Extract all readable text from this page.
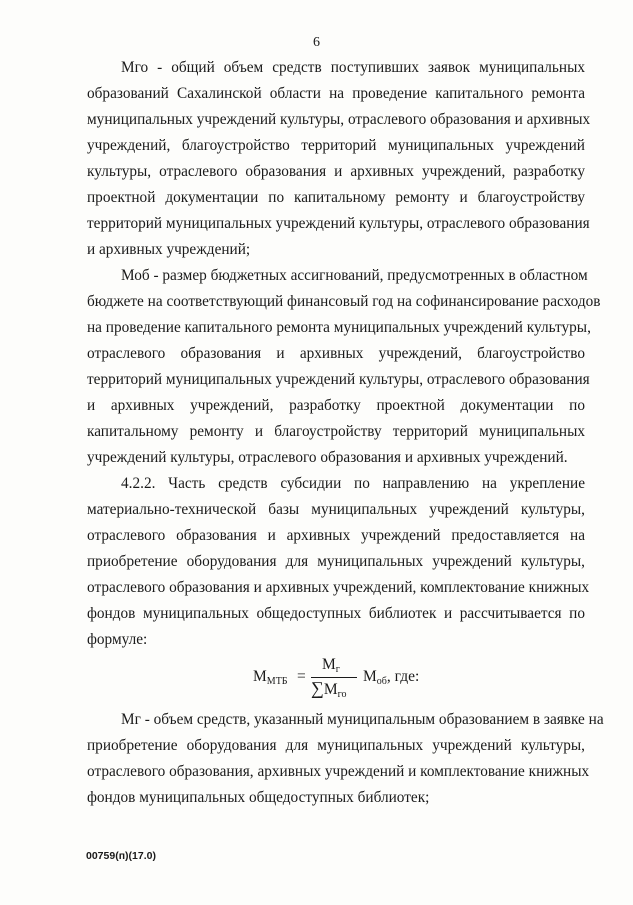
6
Мго - общий объем средств поступивших заявок муниципальных
образований Сахалинской области на проведение капитального ремонта
муниципальных учреждений культуры, отраслевого образования и архивных
учреждений, благоустройство территорий муниципальных учреждений
культуры, отраслевого образования и архивных учреждений, разработку
проектной документации по капитальному ремонту и благоустройству
территорий муниципальных учреждений культуры, отраслевого образования
и архивных учреждений;
Моб - размер бюджетных ассигнований, предусмотренных в областном
бюджете на соответствующий финансовый год на софинансирование расходов
на проведение капитального ремонта муниципальных учреждений культуры,
отраслевого образования и архивных учреждений, благоустройство
территорий муниципальных учреждений культуры, отраслевого образования
и архивных учреждений, разработку проектной документации по
капитальному ремонту и благоустройству территорий муниципальных
учреждений культуры, отраслевого образования и архивных учреждений.
4.2.2. Часть средств субсидии по направлению на укрепление
материально-технической базы муниципальных учреждений культуры,
отраслевого образования и архивных учреждений предоставляется на
приобретение оборудования для муниципальных учреждений культуры,
отраслевого образования и архивных учреждений, комплектование книжных
фондов муниципальных общедоступных библиотек и рассчитывается по
формуле:
$М_{МТБ}$ =
$М_г$
$\sum М_{го}$
$М_{об}$, где:
Мг - объем средств, указанный муниципальным образованием в заявке на
приобретение оборудования для муниципальных учреждений культуры,
отраслевого образования, архивных учреждений и комплектование книжных
фондов муниципальных общедоступных библиотек;
00759(п)(17.0)
